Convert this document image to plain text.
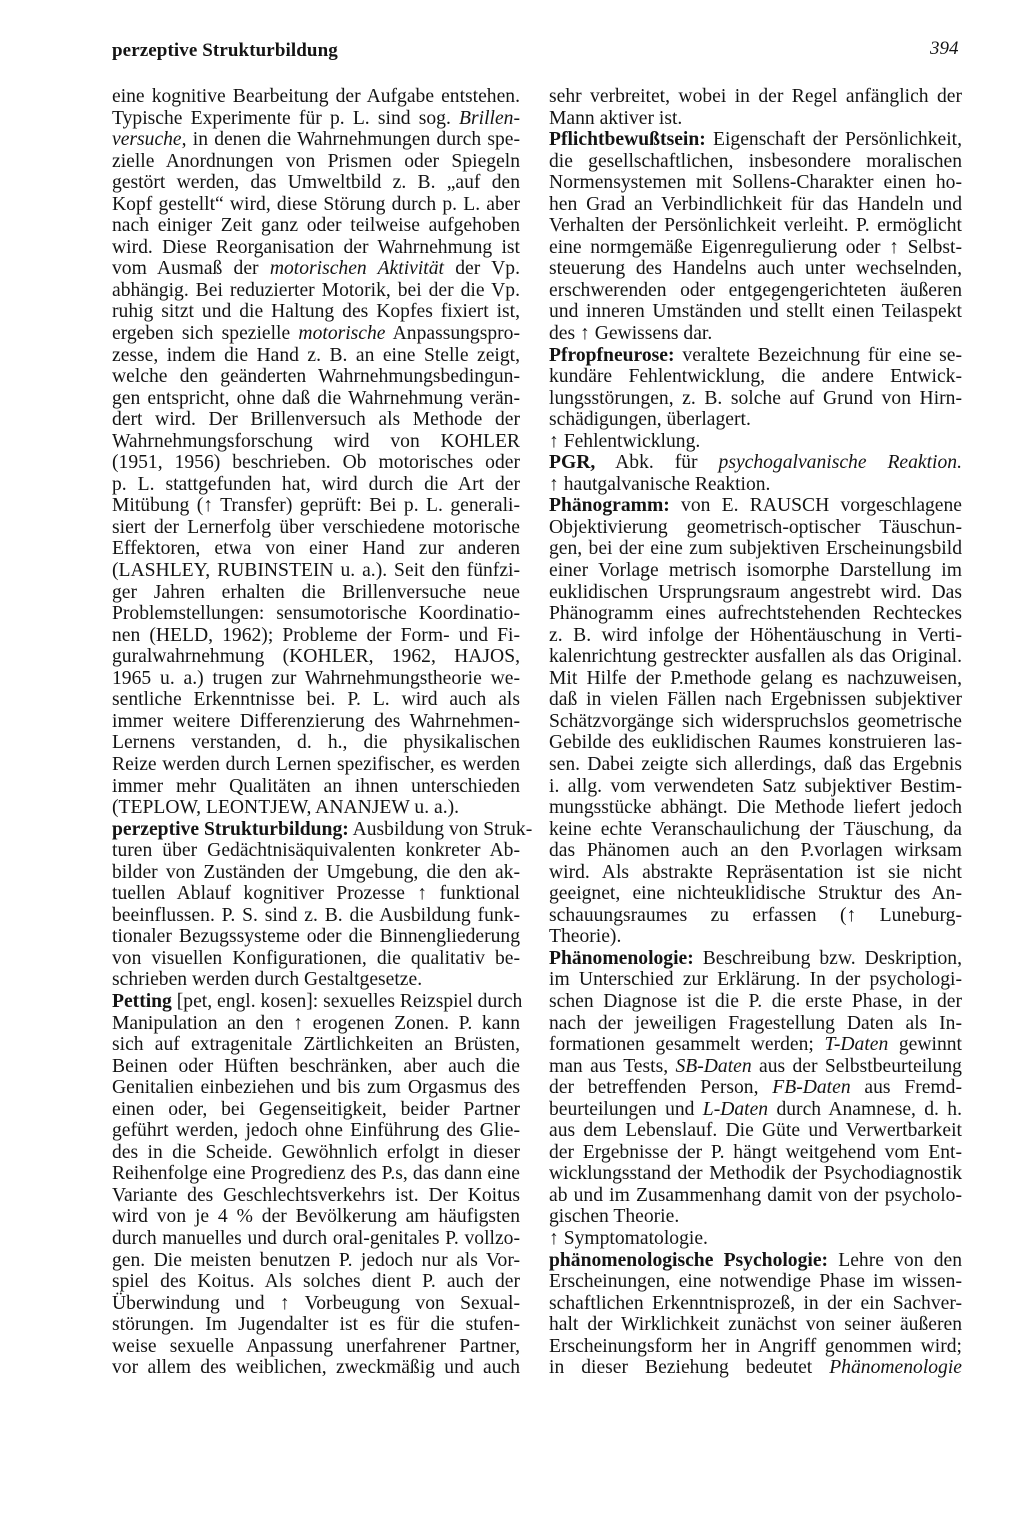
perzeptive Strukturbildung	394
eine kognitive Bearbeitung der Aufgabe entstehen.
Typische Experimente für p. L. sind sog. Brillen-
versuche, in denen die Wahrnehmungen durch spe-
zielle Anordnungen von Prismen oder Spiegeln
gestört werden, das Umweltbild z. B. „auf den
Kopf gestellt“ wird, diese Störung durch p. L. aber
nach einiger Zeit ganz oder teilweise aufgehoben
wird. Diese Reorganisation der Wahrnehmung ist
vom Ausmaß der motorischen Aktivität der Vp.
abhängig. Bei reduzierter Motorik, bei der die Vp.
ruhig sitzt und die Haltung des Kopfes fixiert ist,
ergeben sich spezielle motorische Anpassungspro-
zesse, indem die Hand z. B. an eine Stelle zeigt,
welche den geänderten Wahrnehmungsbedingun-
gen entspricht, ohne daß die Wahrnehmung verän-
dert wird. Der Brillenversuch als Methode der
Wahrnehmungsforschung wird von KOHLER
(1951, 1956) beschrieben. Ob motorisches oder
p. L. stattgefunden hat, wird durch die Art der
Mitübung (↑ Transfer) geprüft: Bei p. L. generali-
siert der Lernerfolg über verschiedene motorische
Effektoren, etwa von einer Hand zur anderen
(LASHLEY, RUBINSTEIN u. a.). Seit den fünfzi-
ger Jahren erhalten die Brillenversuche neue
Problemstellungen: sensumotorische Koordinatio-
nen (HELD, 1962); Probleme der Form- und Fi-
guralwahrnehmung (KOHLER, 1962, HAJOS,
1965 u. a.) trugen zur Wahrnehmungstheorie we-
sentliche Erkenntnisse bei. P. L. wird auch als
immer weitere Differenzierung des Wahrnehmen-
Lernens verstanden, d. h., die physikalischen
Reize werden durch Lernen spezifischer, es werden
immer mehr Qualitäten an ihnen unterschieden
(TEPLOW, LEONTJEW, ANANJEW u. a.).
perzeptive Strukturbildung: Ausbildung von Struk-
turen über Gedächtnisäquivalenten konkreter Ab-
bilder von Zuständen der Umgebung, die den ak-
tuellen Ablauf kognitiver Prozesse ↑ funktional
beeinflussen. P. S. sind z. B. die Ausbildung funk-
tionaler Bezugssysteme oder die Binnengliederung
von visuellen Konfigurationen, die qualitativ be-
schrieben werden durch Gestaltgesetze.
Petting [pet, engl. kosen]: sexuelles Reizspiel durch
Manipulation an den ↑ erogenen Zonen. P. kann
sich auf extragenitale Zärtlichkeiten an Brüsten,
Beinen oder Hüften beschränken, aber auch die
Genitalien einbeziehen und bis zum Orgasmus des
einen oder, bei Gegenseitigkeit, beider Partner
geführt werden, jedoch ohne Einführung des Glie-
des in die Scheide. Gewöhnlich erfolgt in dieser
Reihenfolge eine Progredienz des P.s, das dann eine
Variante des Geschlechtsverkehrs ist. Der Koitus
wird von je 4 % der Bevölkerung am häufigsten
durch manuelles und durch oral-genitales P. vollzo-
gen. Die meisten benutzen P. jedoch nur als Vor-
spiel des Koitus. Als solches dient P. auch der
Überwindung und ↑ Vorbeugung von Sexual-
störungen. Im Jugendalter ist es für die stufen-
weise sexuelle Anpassung unerfahrener Partner,
vor allem des weiblichen, zweckmäßig und auch
sehr verbreitet, wobei in der Regel anfänglich der
Mann aktiver ist.
Pflichtbewußtsein: Eigenschaft der Persönlichkeit,
die gesellschaftlichen, insbesondere moralischen
Normensystemen mit Sollens-Charakter einen ho-
hen Grad an Verbindlichkeit für das Handeln und
Verhalten der Persönlichkeit verleiht. P. ermöglicht
eine normgemäße Eigenregulierung oder ↑ Selbst-
steuerung des Handelns auch unter wechselnden,
erschwerenden oder entgegengerichteten äußeren
und inneren Umständen und stellt einen Teilaspekt
des ↑ Gewissens dar.
Pfropfneurose: veraltete Bezeichnung für eine se-
kundäre Fehlentwicklung, die andere Entwick-
lungsstörungen, z. B. solche auf Grund von Hirn-
schädigungen, überlagert.
↑ Fehlentwicklung.
PGR, Abk. für psychogalvanische Reaktion.
↑ hautgalvanische Reaktion.
Phänogramm: von E. RAUSCH vorgeschlagene
Objektivierung geometrisch-optischer Täuschun-
gen, bei der eine zum subjektiven Erscheinungsbild
einer Vorlage metrisch isomorphe Darstellung im
euklidischen Ursprungsraum angestrebt wird. Das
Phänogramm eines aufrechtstehenden Rechteckes
z. B. wird infolge der Höhentäuschung in Verti-
kalenrichtung gestreckter ausfallen als das Original.
Mit Hilfe der P.methode gelang es nachzuweisen,
daß in vielen Fällen nach Ergebnissen subjektiver
Schätzvorgänge sich widerspruchslos geometrische
Gebilde des euklidischen Raumes konstruieren las-
sen. Dabei zeigte sich allerdings, daß das Ergebnis
i. allg. vom verwendeten Satz subjektiver Bestim-
mungsstücke abhängt. Die Methode liefert jedoch
keine echte Veranschaulichung der Täuschung, da
das Phänomen auch an den P.vorlagen wirksam
wird. Als abstrakte Repräsentation ist sie nicht
geeignet, eine nichteuklidische Struktur des An-
schauungsraumes zu erfassen (↑ Luneburg-
Theorie).
Phänomenologie: Beschreibung bzw. Deskription,
im Unterschied zur Erklärung. In der psychologi-
schen Diagnose ist die P. die erste Phase, in der
nach der jeweiligen Fragestellung Daten als In-
formationen gesammelt werden; T-Daten gewinnt
man aus Tests, SB-Daten aus der Selbstbeurteilung
der betreffenden Person, FB-Daten aus Fremd-
beurteilungen und L-Daten durch Anamnese, d. h.
aus dem Lebenslauf. Die Güte und Verwertbarkeit
der Ergebnisse der P. hängt weitgehend vom Ent-
wicklungsstand der Methodik der Psychodiagnostik
ab und im Zusammenhang damit von der psycholo-
gischen Theorie.
↑ Symptomatologie.
phänomenologische Psychologie: Lehre von den
Erscheinungen, eine notwendige Phase im wissen-
schaftlichen Erkenntnisprozeß, in der ein Sachver-
halt der Wirklichkeit zunächst von seiner äußeren
Erscheinungsform her in Angriff genommen wird;
in dieser Beziehung bedeutet Phänomenologie
